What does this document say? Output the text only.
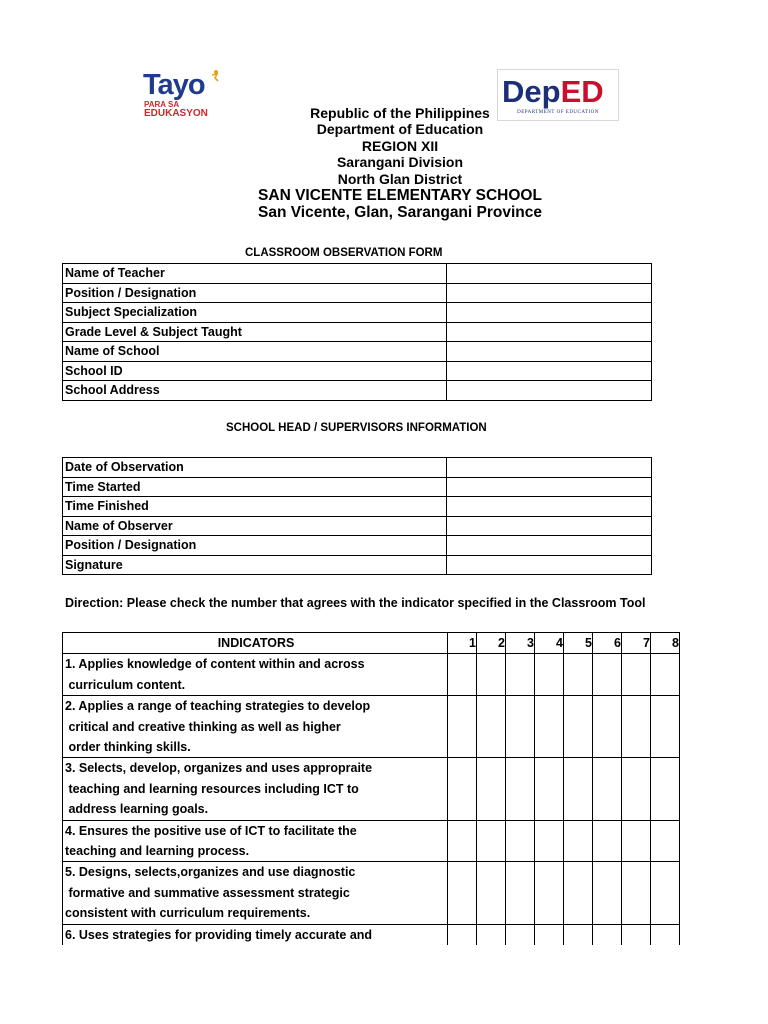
Tayo
PARA SA
EDUKASYON
DepED
DEPARTMENT OF EDUCATION
Republic of the Philippines
Department of Education
REGION XII
Sarangani Division
North Glan District
SAN VICENTE ELEMENTARY SCHOOL
San Vicente, Glan, Sarangani Province
CLASSROOM OBSERVATION FORM
Name of Teacher	
Position / Designation	
Subject Specialization	
Grade Level & Subject Taught	
Name of School	
School ID	
School Address	
SCHOOL HEAD / SUPERVISORS INFORMATION
Date of Observation	
Time Started	
Time Finished	
Name of Observer	
Position / Designation	
Signature	
Direction: Please check the number that agrees with the indicator specified in the Classroom Tool
INDICATORS	1	2	3	4	5	6	7	8

1. Applies knowledge of content within and across
curriculum content.								

2. Applies a range of teaching strategies to develop
critical and creative thinking as well as higher
order thinking skills.								

3. Selects, develop, organizes and uses appropraite
teaching and learning resources including ICT to
address learning goals.								

4. Ensures the positive use of ICT to facilitate the
teaching and learning process.								

5. Designs, selects,organizes and use diagnostic
formative and summative assessment strategic
consistent with curriculum requirements.								

6. Uses strategies for providing timely accurate and								
